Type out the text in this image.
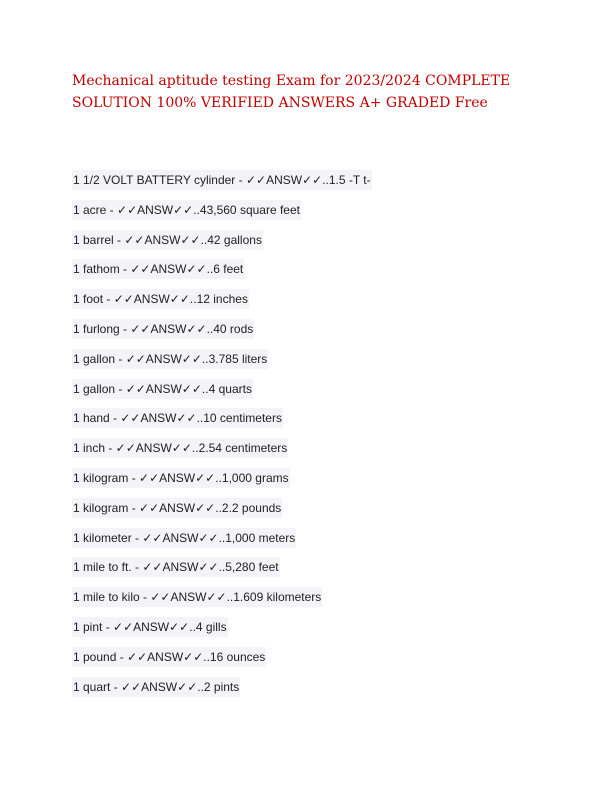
Mechanical aptitude testing Exam for 2023/2024 COMPLETE
SOLUTION 100% VERIFIED ANSWERS A+ GRADED Free
1 1/2 VOLT BATTERY cylinder - ✓✓ANSW✓✓..1.5 -T t-
1 acre - ✓✓ANSW✓✓..43,560 square feet
1 barrel - ✓✓ANSW✓✓..42 gallons
1 fathom - ✓✓ANSW✓✓..6 feet
1 foot - ✓✓ANSW✓✓..12 inches
1 furlong - ✓✓ANSW✓✓..40 rods
1 gallon - ✓✓ANSW✓✓..3.785 liters
1 gallon - ✓✓ANSW✓✓..4 quarts
1 hand - ✓✓ANSW✓✓..10 centimeters
1 inch - ✓✓ANSW✓✓..2.54 centimeters
1 kilogram - ✓✓ANSW✓✓..1,000 grams
1 kilogram - ✓✓ANSW✓✓..2.2 pounds
1 kilometer - ✓✓ANSW✓✓..1,000 meters
1 mile to ft. - ✓✓ANSW✓✓..5,280 feet
1 mile to kilo - ✓✓ANSW✓✓..1.609 kilometers
1 pint - ✓✓ANSW✓✓..4 gills
1 pound - ✓✓ANSW✓✓..16 ounces
1 quart - ✓✓ANSW✓✓..2 pints
